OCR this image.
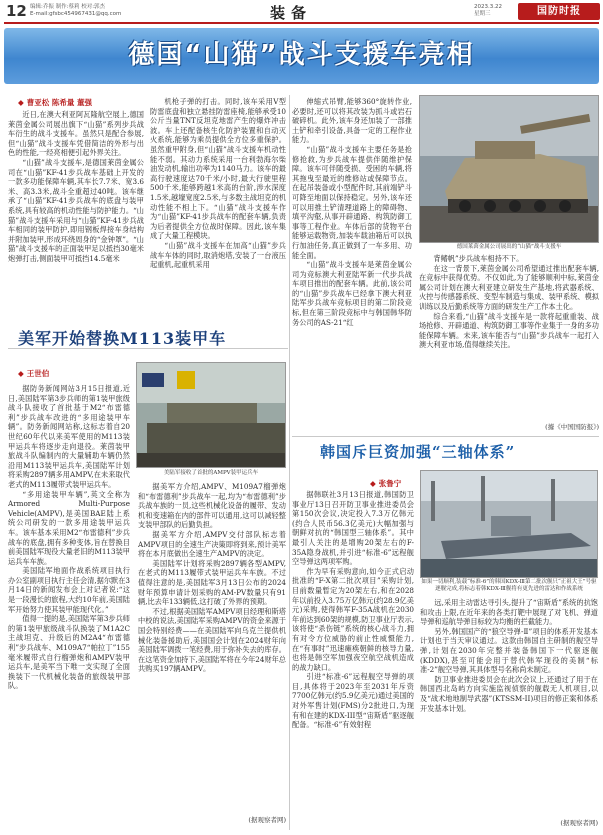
12 编辑:乔振 制作:蔡莉 校对:郭杰
E-mail:gfsbc454967431@qq.com	装备	2023.3.22
星期三	国防时报
德国“山猫”战斗支援车亮相
◆ 曹亚松 陈希量 董强

近日,在澳大利亚阿瓦隆航空展上,德国莱茵金属公司展出旗下“山猫”系列步兵战车衍生的战斗支援车。虽然只是配合参展,但“山猫”战斗支援车凭借简洁的外形与出色的性能,一经亮相便引起外界关注。

“山猫”战斗支援车,是德国莱茵金属公司在“山猫”KF-41步兵战车基础上开发的一款多功能保障车辆,其车长7.7米、宽3.6米、高3.3米,战斗全重超过40吨。该车继承了“山猫”KF-41步兵战车的底盘与装甲系统,具有较高的机动性能与防护能力。“山猫”战斗支援车采用与“山猫”KF-41步兵战车相同的装甲防护,即用钢板焊接车身结构并附加装甲,形成环绕周身的“金钟罩”。“山猫”战斗支援车的正面装甲足以抵挡30毫米炮弹打击,侧面装甲可抵挡14.5毫米

机枪子弹的打击。同时,该车采用V型防雷底盘和独立悬挂防雷座椅,能够承受10公斤当量TNT反坦克地雷产生的爆炸冲击波。车上还配备核生化防护装置和自动灭火系统,能够为乘员提供全方位多重保护。虽然重甲附身,但“山猫”战斗支援车机动性能不弱。其动力系统采用一台利勃海尔柴油发动机,输出功率为1140马力。该车的最高行驶速度达70千米/小时,最大行驶里程500千米,能够跨越1米高的台阶,涉水深度1.5米,越壕宽度2.5米,与多数主战坦克的机动性能不相上下。“山猫”战斗支援车作为“山猫”KF-41步兵战车的配套车辆,负责为后者提供全方位战时保障。因此,该车集成了大量工程模块。

“山猫”战斗支援车在加高“山猫”步兵战车车体的同时,取消炮塔,安装了一台液压起重机,起重机采用

伸缩式吊臂,能够360°旋转作业,必要时,还可以将其改装为抓斗或岩石破碎机。此外,该车身还加装了一部推土铲和牵引设备,具备一定的工程作业能力。

“山猫”战斗支援车主要任务是抢修抢救,为步兵战车提供伴随维护保障。该车可伴随受损、受困的车辆,将其拖曳至最近的维修站或保障节点。在起吊装备或小型配件时,其前端铲斗可降至地面以保持稳定。另外,该车还可以用推土铲清理道路上的障碍物、填平沟壑,从事开辟通路、构筑防御工事等工程作业。车体后部的货物平台能够运载物资,加装车载油箱后可以执行加油任务,真正做到了一车多用、功能全面。

“山猫”战斗支援车是莱茵金属公司为竞标澳大利亚陆军新一代步兵战车项目推出的配套车辆。此前,该公司的“山猫”步兵战车已经拿下澳大利亚陆军步兵战车竞标项目的第二阶段竞标,但在第三阶段竞标中与韩国韩华防务公司的AS-21“红

德国莱茵金属公司展出的“山猫”战斗支援车

背鳍帆”步兵战车相持不下。

在这一背景下,莱茵金属公司希望通过推出配套车辆,在竞标中获得优势。不仅如此,为了能够顺利中标,莱茵金属公司计划在澳大利亚建立研发生产基地,将武器系统、火控与传感器系统、变型车制造与集成、装甲系统、模拟训练以及后勤系统等方面的研发生产工作本土化。

综合来看,“山猫”战斗支援车是一款将起重重装、战场抢修、开辟通道、构筑防御工事等作业集于一身的多功能保障车辆。未来,该车能否与“山猫”步兵战车一起打入澳大利亚市场,值得继续关注。

(據《中国国防报》)
美军开始替换M113装甲车
◆ 王世伯

据防务新闻网站3月15日报道,近日,美国陆军第3步兵师的第1装甲旅级战斗队接收了首批基于M2“布雷德利”步兵战车改进的“多用途装甲车辆”。防务新闻网站称,这标志着自20世纪60年代以来美军使用的M113装甲运兵车将逐步走向退役。莱茵装甲旅战斗队编制内的大量辅助车辆仍然沿用M113装甲运兵车,美国陆军计划将采购2897辆多用AMPV,在未来取代老式的M113履带式装甲运兵车。

“多用途装甲车辆”,英文全称为Armored Multi-Purpose Vehicle(AMPV),是美国BAE陆上系统公司研发的一款多用途装甲运兵车。该车基本采用M2“布雷德利”步兵战车的底盘,拥有多种变体,旨在替换目前美国陆军现役大量老旧的M113装甲运兵车车族。

美国陆军地面作战系统项目执行办公室副项目执行主任会清,据尔默在3月14日的新闻发布会上对记者说:“这是一段漫长的旅程,大约10年前,美国陆军开始努力使其装甲能现代化。”

值得一提的是,美国陆军第3步兵师的第1装甲旅级战斗队换装了M1A2C主战坦克、升级后的M2A4“布雷德利”步兵战车、M109A7“帕拉丁”155毫米履带式自行榴弹炮和AMPV装甲运兵车,是美军当下唯一支实现了全面换装下一代机械化装备的旅级装甲部队。

美陆军接收了首批的AMPV装甲运兵车

据美军方介绍,AMPV、M109A7榴弹炮和“布雷德利”步兵战车一起,均为“布雷德利”步兵战车族的一员,这些机械化设备的履带、发动机和变速箱在内的部件可以通用,这可以减轻整支装甲部队的后勤负担。

据美军方介绍,AMPV交付部队标志着AMPV项目的全速生产决策即将到来,预计美军将在本月底做出全速生产AMPV的决定。

美国陆军计划将采购2897辆各型AMPV,在老式的M113履带式装甲运兵车车族。不过值得注意的是,美国陆军3月13日公布的2024财年预算申请计划采购的AM-PV数量只有91辆,比去年133辆低,这打破了外界的预期。

不过,根据美国陆军AMPV项目经理和斯塔中校的说法,美国陆军采购AMPV的资金来源于国会特别经费——在美国陆军向乌克兰提供机械化装备援助后,美国国会计划在2024财年向美国陆军调拨一笔经费,用于弥补失去的库存。在这笔资金加持下,美国陆军将在今年24财年总共购买197辆AMPV。

(据观察者网)
韩国斥巨资加强“三轴体系”
◆ 张鲁宁

据韩联社3月13日报道,韩国防卫事业厅13日召开防卫事业推进委员会第150次会议,决定投入7.3万亿韩元(约合人民币56.3亿美元)大幅加强与朝鲜对抗的“韩国型三轴体系”。其中最引人关注的是增购20架左右的F-35A隐身战机,并引进“标准-6”远程舰空导弹这两项军购。

作为早有采购意向,如今正式启动批准的“F-X第二批次项目”采购计划,目前数量暂定为20架左右,和在2028年以前投入3.75万亿韩元(约28.9亿美元)采购,使得韩军F-35A战机在2030年前达到60架的规模,防卫事业厅表示,该将使“杀伤链”系统的核心战斗力,拥有对令方位威胁的前止性威慑能力,在“有事时”迅速瘫痪朝鲜的核导力量,也将是韩空军加强夜空航空战机造成的战力缺口。

引进“标准-6”远程舰空导弹的项目,具体将于2023年至2031年斥资7700亿韩元(约5.9亿美元)通过美国的对外军售计划(FMS)分2批进口,为现有和在建的KDX-III型“宙斯盾”驱逐舰配备。“标准-6”有效射程

如果一切顺利,装载“标准-6”的韩国KDX-Ⅲ第二批次舰只“正祖大王”号驱逐舰完成,将标志着韩KDX-Ⅲ舰将有更先进的雷达和作战系统

远,采用主动雷达寻引头,提升了“宙斯盾”系统的抗饱和攻击上限,在近年来的各类打靶中展现了对飞机、弹道导弹和巡航导弹目标较为均衡的拦截能力。

另外,韩国国产的“狼空导弹-Ⅱ”项目的体系开发基本计划也于当天审议通过。这款由韩国自主研制的舰空导弹,计划在2030年完整并装备韩国下一代驱逐舰(KDDX),甚至可能会用于替代韩军现役的美制“标准-2”舰空导弹,其具体型号名称尚未制定。

防卫事业推进委员会在此次会议上,还通过了用于在韩国西北岛屿方向实施监视侦察的舰载无人机项目,以及“战术地地制导武器”(KTSSM-II)项目的修正案和体系开发基本计划。

(据观察者网)
